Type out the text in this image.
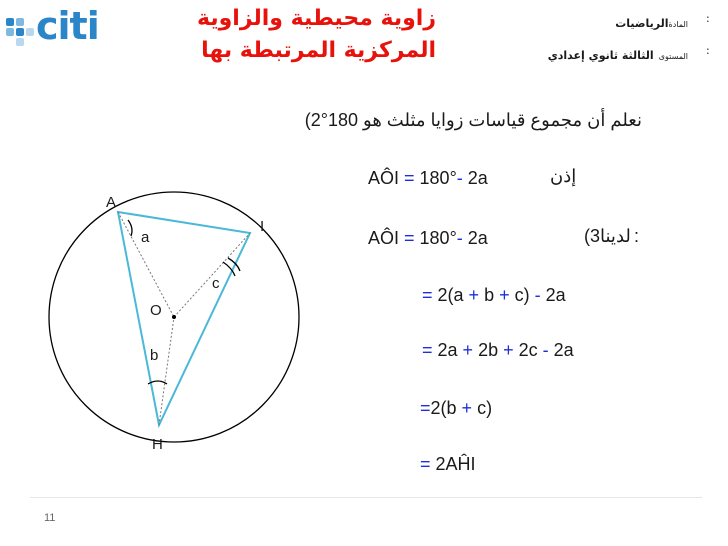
citi	زاوية محيطية والزاوية
المركزية المرتبطة بها
المادةالرياضيات	:
المستوى الثالثة ثانوي إعدادي	:
نعلم أن مجموع قياسات زوايا مثلث هو 180°2)
إذن
AÔI = 180°- 2a
لدينا3) :
AÔI = 180°- 2a
= 2(a + b + c) - 2a
= 2a + 2b + 2c - 2a
=2(b + c)
= 2AĤI
A
I
O
H
a
c
b
11
